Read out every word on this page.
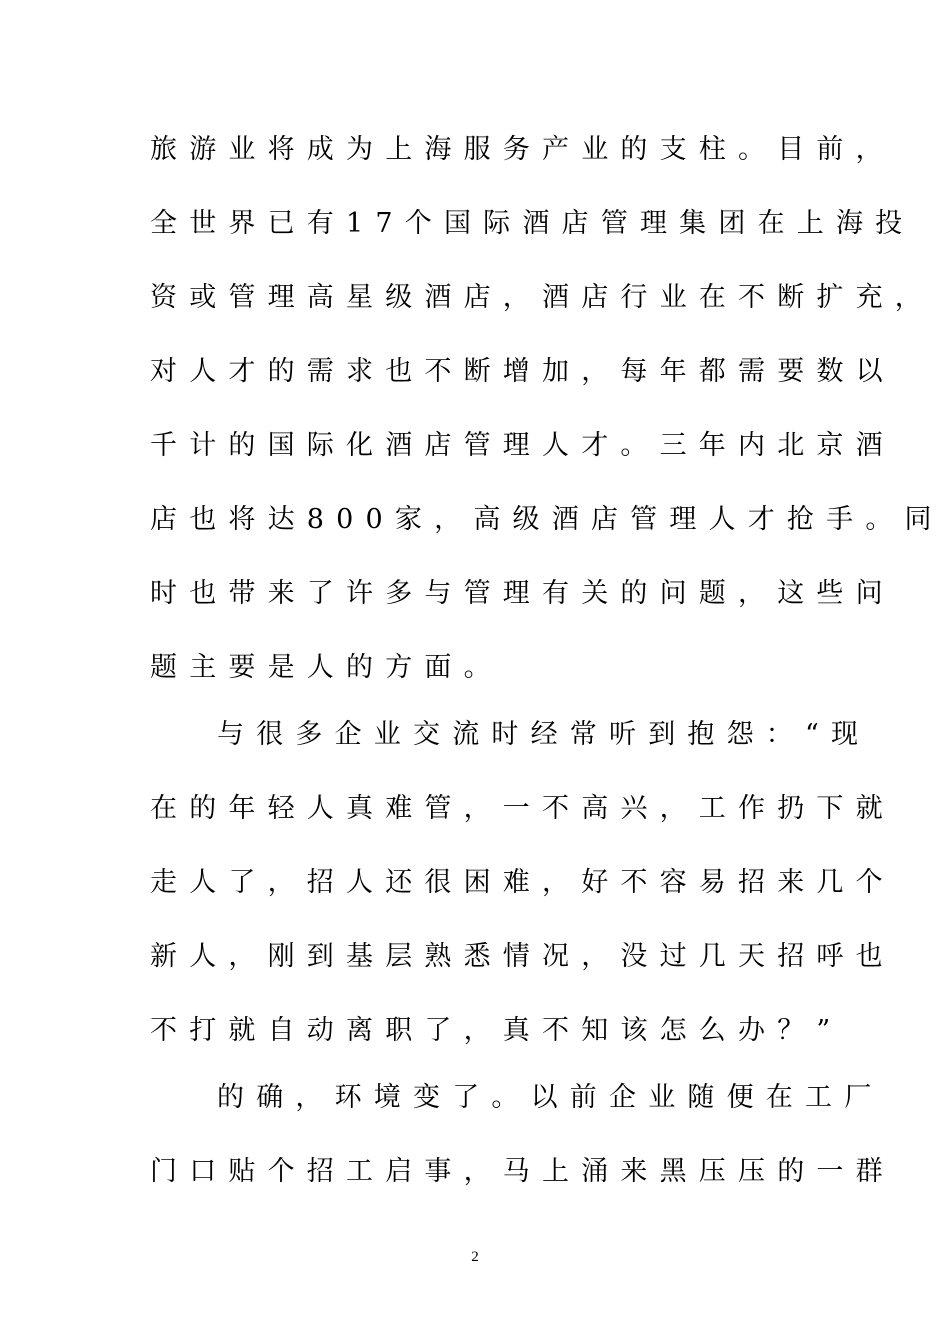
旅游业将成为上海服务产业的支柱。目前，
全世界已有17个国际酒店管理集团在上海投
资或管理高星级酒店，酒店行业在不断扩充，
对人才的需求也不断增加，每年都需要数以
千计的国际化酒店管理人才。三年内北京酒
店也将达800家，高级酒店管理人才抢手。同
时也带来了许多与管理有关的问题，这些问
题主要是人的方面。
与很多企业交流时经常听到抱怨：“现
在的年轻人真难管，一不高兴，工作扔下就
走人了，招人还很困难，好不容易招来几个
新人，刚到基层熟悉情况，没过几天招呼也
不打就自动离职了，真不知该怎么办？”
的确，环境变了。以前企业随便在工厂
门口贴个招工启事，马上涌来黑压压的一群
2
